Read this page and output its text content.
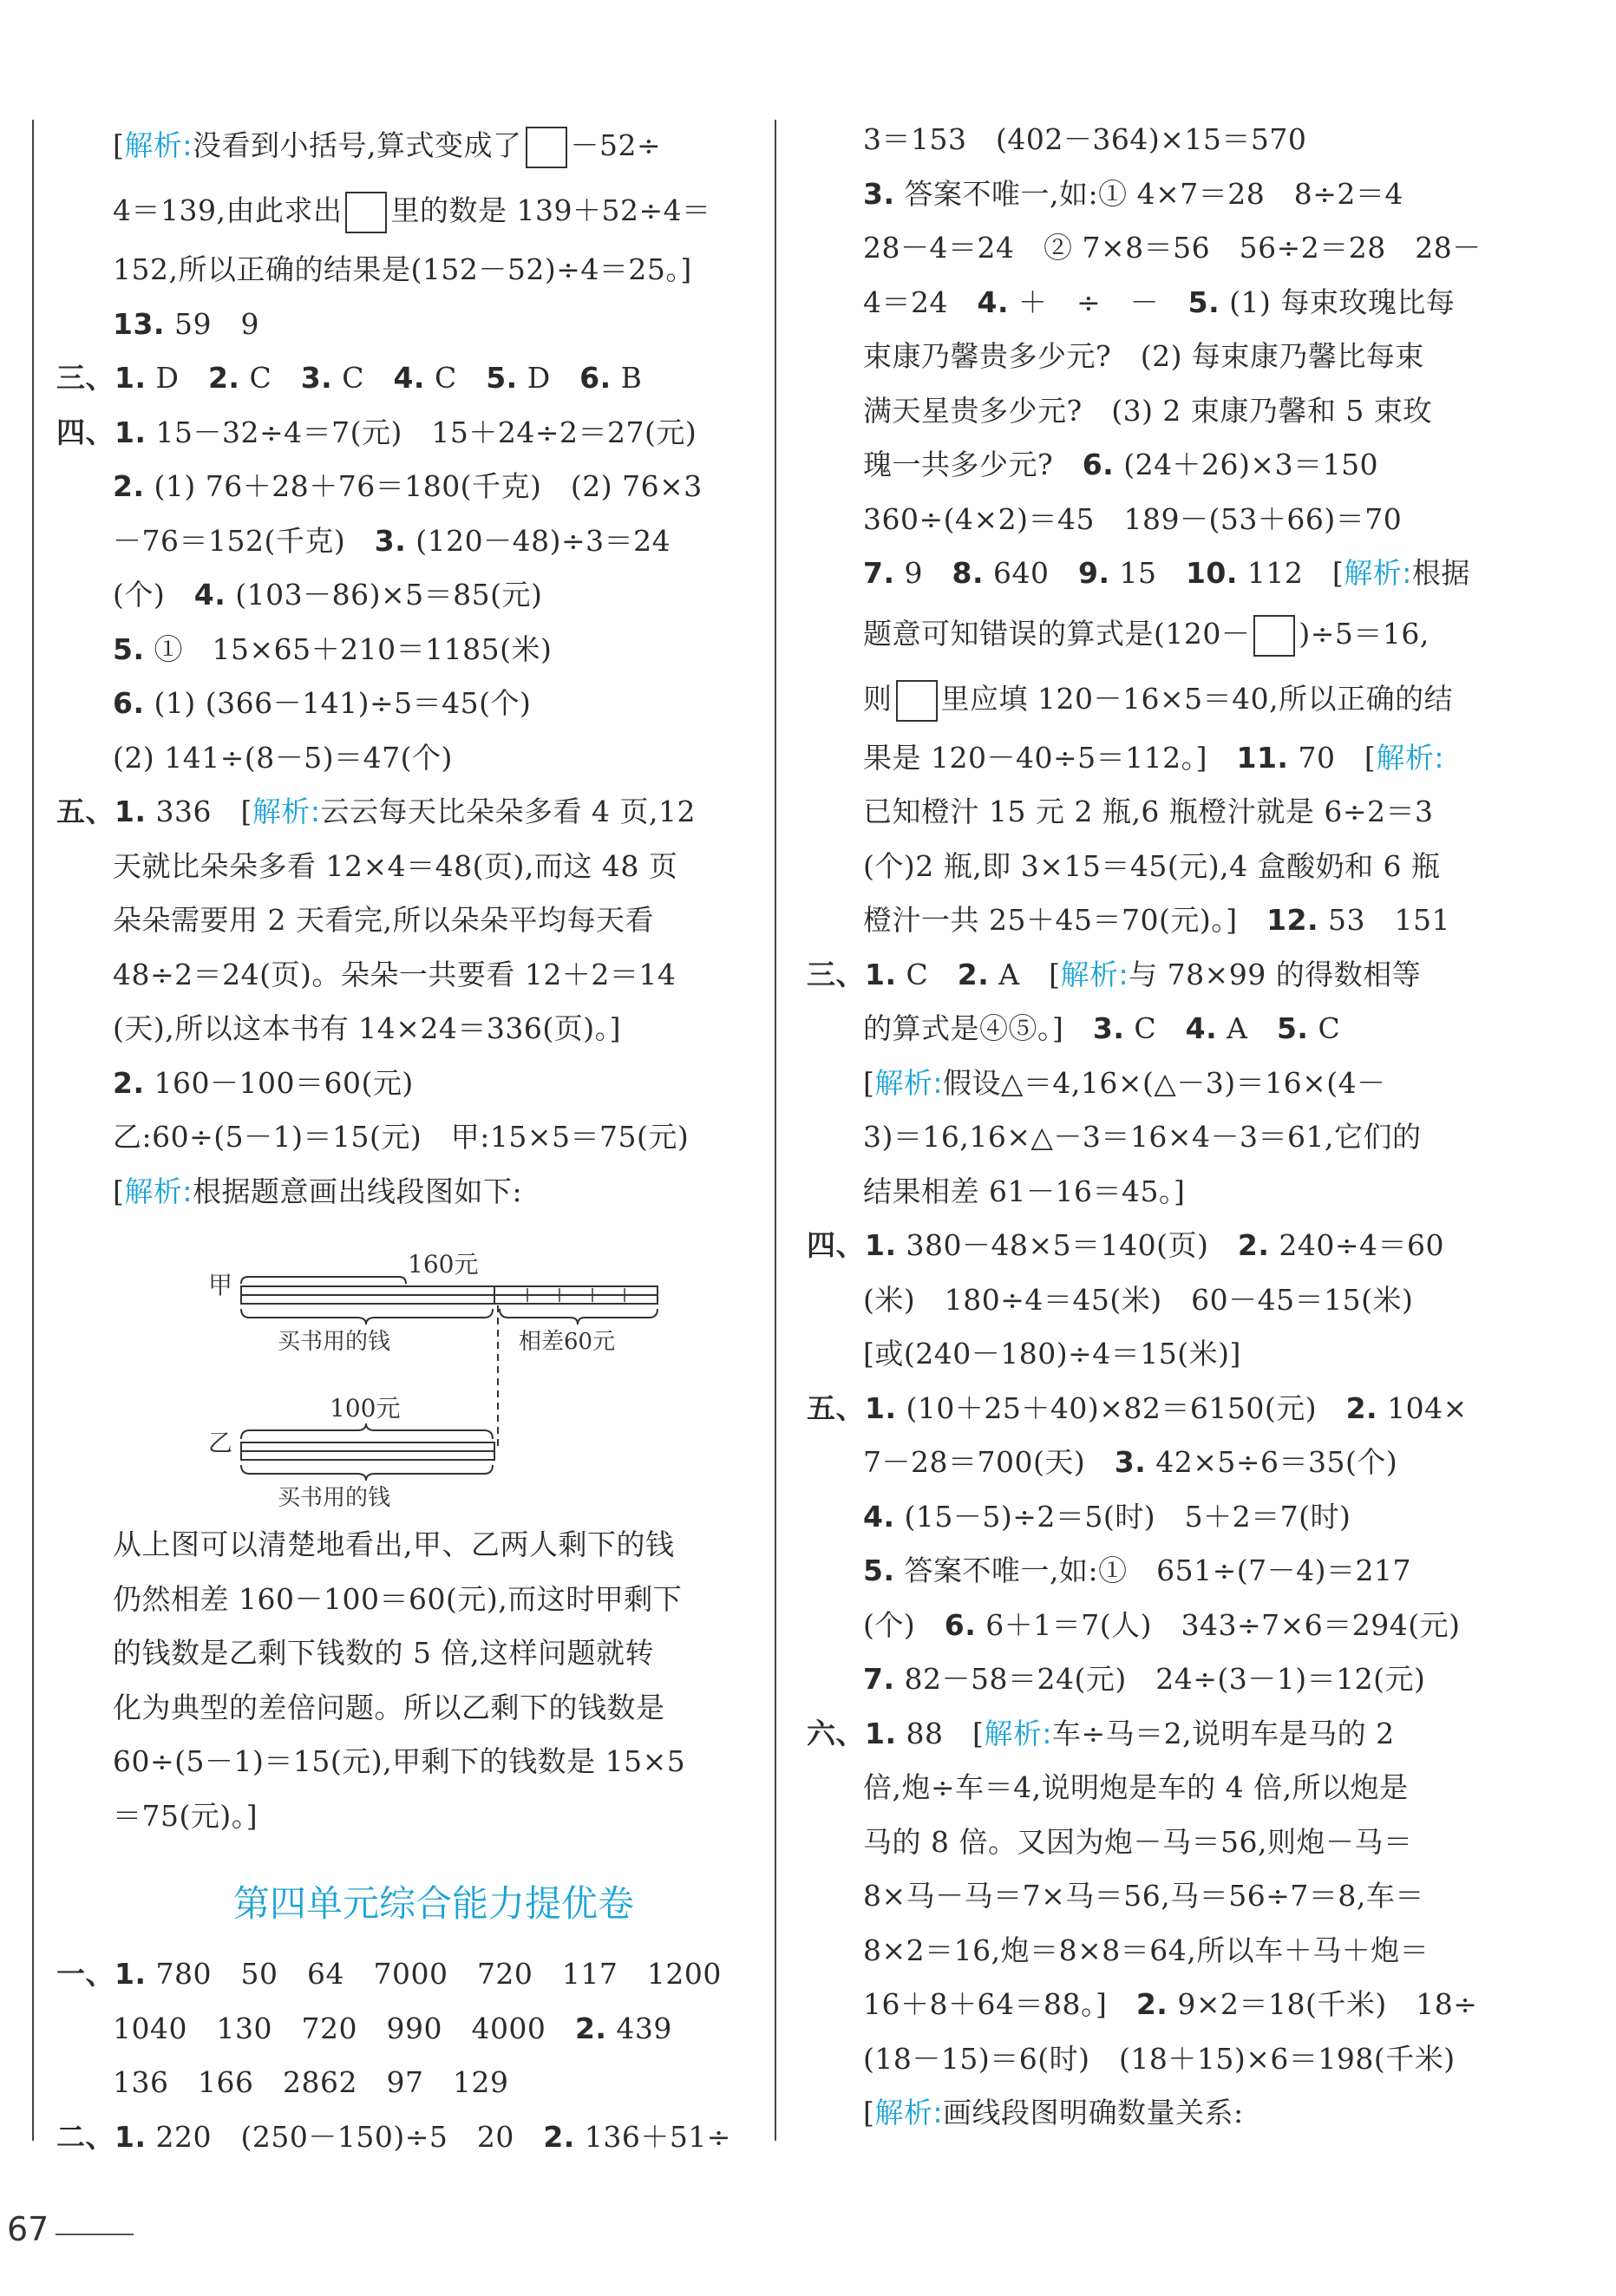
[解析:没看到小括号,算式变成了 －52÷
4＝139,由此求出 里的数是 139＋52÷4＝
152,所以正确的结果是(152－52)÷4＝25。]
13. 59　9
三、1. D　2. C　3. C　4. C　5. D　6. B
四、1. 15－32÷4＝7(元)　15＋24÷2＝27(元)
2. (1) 76＋28＋76＝180(千克)　(2) 76×3
－76＝152(千克)　3. (120－48)÷3＝24
(个)　4. (103－86)×5＝85(元)
5. ①　15×65＋210＝1185(米)
6. (1) (366－141)÷5＝45(个)
(2) 141÷(8－5)＝47(个)
五、1. 336　[解析:云云每天比朵朵多看 4 页,12
天就比朵朵多看 12×4＝48(页),而这 48 页
朵朵需要用 2 天看完,所以朵朵平均每天看
48÷2＝24(页)。朵朵一共要看 12＋2＝14
(天),所以这本书有 14×24＝336(页)。]
2. 160－100＝60(元)
乙:60÷(5－1)＝15(元)　甲:15×5＝75(元)
[解析:根据题意画出线段图如下:
甲
160元
买书用的钱	相差60元
乙
100元
买书用的钱
从上图可以清楚地看出,甲、乙两人剩下的钱
仍然相差 160－100＝60(元),而这时甲剩下
的钱数是乙剩下钱数的 5 倍,这样问题就转
化为典型的差倍问题。所以乙剩下的钱数是
60÷(5－1)＝15(元),甲剩下的钱数是 15×5
＝75(元)。]
第四单元综合能力提优卷
一、1. 780　50　64　7000　720　117　1200
1040　130　720　990　4000　2. 439
136　166　2862　97　129
二、1. 220　(250－150)÷5　20　2. 136＋51÷
3＝153　(402－364)×15＝570
3. 答案不唯一,如:① 4×7＝28　8÷2＝4
28－4＝24　② 7×8＝56　56÷2＝28　28－
4＝24　4. ＋　÷　－　5. (1) 每束玫瑰比每
束康乃馨贵多少元?　(2) 每束康乃馨比每束
满天星贵多少元?　(3) 2 束康乃馨和 5 束玫
瑰一共多少元?　6. (24＋26)×3＝150
360÷(4×2)＝45　189－(53＋66)＝70
7. 9　8. 640　9. 15　10. 112　[解析:根据
题意可知错误的算式是(120－ )÷5＝16,
则 里应填 120－16×5＝40,所以正确的结
果是 120－40÷5＝112。]　11. 70　[解析:
已知橙汁 15 元 2 瓶,6 瓶橙汁就是 6÷2＝3
(个)2 瓶,即 3×15＝45(元),4 盒酸奶和 6 瓶
橙汁一共 25＋45＝70(元)。]　12. 53　151
三、1. C　2. A　[解析:与 78×99 的得数相等
的算式是④⑤。]　3. C　4. A　5. C
[解析:假设△＝4,16×(△－3)＝16×(4－
3)＝16,16×△－3＝16×4－3＝61,它们的
结果相差 61－16＝45。]
四、1. 380－48×5＝140(页)　2. 240÷4＝60
(米)　180÷4＝45(米)　60－45＝15(米)
[或(240－180)÷4＝15(米)]
五、1. (10＋25＋40)×82＝6150(元)　2. 104×
7－28＝700(天)　3. 42×5÷6＝35(个)
4. (15－5)÷2＝5(时)　5＋2＝7(时)
5. 答案不唯一,如:①　651÷(7－4)＝217
(个)　6. 6＋1＝7(人)　343÷7×6＝294(元)
7. 82－58＝24(元)　24÷(3－1)＝12(元)
六、1. 88　[解析:车÷马＝2,说明车是马的 2
倍,炮÷车＝4,说明炮是车的 4 倍,所以炮是
马的 8 倍。又因为炮－马＝56,则炮－马＝
8×马－马＝7×马＝56,马＝56÷7＝8,车＝
8×2＝16,炮＝8×8＝64,所以车＋马＋炮＝
16＋8＋64＝88。]　2. 9×2＝18(千米)　18÷
(18－15)＝6(时)　(18＋15)×6＝198(千米)
[解析:画线段图明确数量关系:
67
